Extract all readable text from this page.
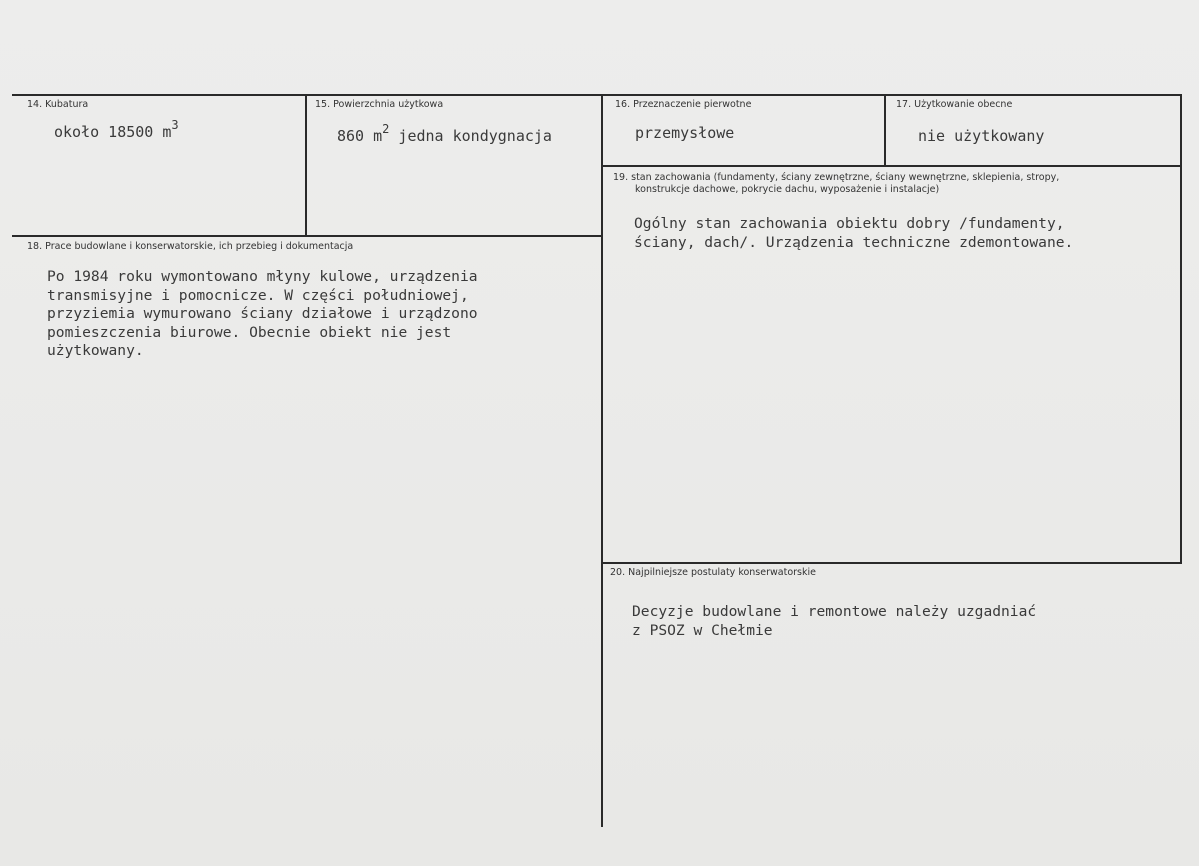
14. Kubatura
około 18500 $m^3$
15. Powierzchnia użytkowa
860 $m^2$ jedna kondygnacja
16. Przeznaczenie pierwotne
przemysłowe
17. Użytkowanie obecne
nie użytkowany
18. Prace budowlane i konserwatorskie, ich przebieg i dokumentacja
Po 1984 roku wymontowano młyny kulowe, urządzenia
transmisyjne i pomocnicze. W części południowej,
przyziemia wymurowano ściany działowe i urządzono
pomieszczenia biurowe. Obecnie obiekt nie jest
użytkowany.
19. stan zachowania (fundamenty, ściany zewnętrzne, ściany wewnętrzne, sklepienia, stropy,
konstrukcje dachowe, pokrycie dachu, wyposażenie i instalacje)
Ogólny stan zachowania obiektu dobry /fundamenty,
ściany, dach/. Urządzenia techniczne zdemontowane.
20. Najpilniejsze postulaty konserwatorskie
Decyzje budowlane i remontowe należy uzgadniać
z PSOZ w Chełmie
